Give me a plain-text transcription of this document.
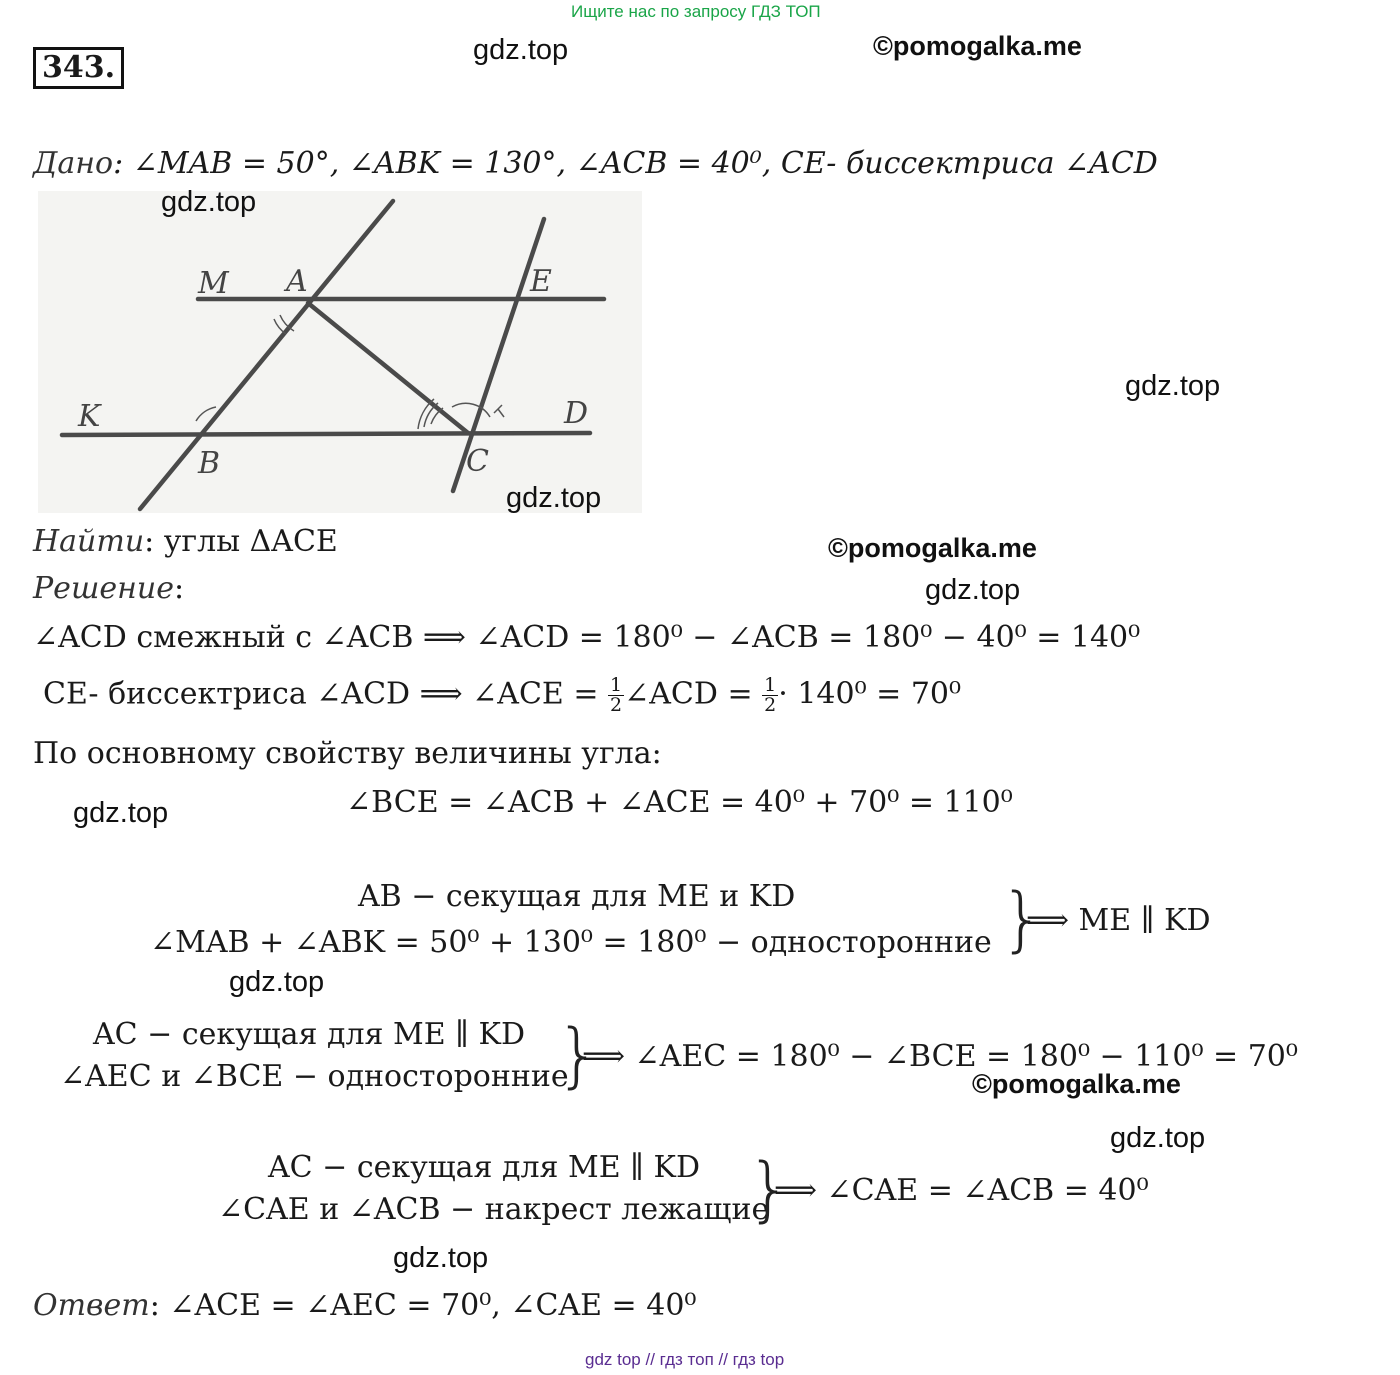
Ищите нас по запросу ГДЗ ТОП
343.	gdz.top	©pomogalka.me
Дано: ∠MAB = 50°, ∠ABK = 130°, ∠ACB = 40⁰, CE- биссектриса ∠ACD
M A	E
K	D
B	C
gdz.top
gdz.top
gdz.top
Найти: углы ΔACE	©pomogalka.me
Решение:	gdz.top
∠ACD смежный с ∠ACB ⟹ ∠ACD = 180⁰ − ∠ACB = 180⁰ − 40⁰ = 140⁰
CE- биссектриса ∠ACD ⟹ ∠ACE = $\frac{1}{2}$ ∠ACD = $\frac{1}{2} \cdot 140^0 = 70^0$
По основному свойству величины угла:
gdz.top	∠BCE = ∠ACB + ∠ACE = 40⁰ + 70⁰ = 110⁰
AB − секущая для ME и KD
∠MAB + ∠ABK = 50⁰ + 130⁰ = 180⁰ − односторонние }
⟹ ME ∥ KD
gdz.top
AC − секущая для ME ∥ KD
∠AEC и ∠BCE − односторонние
}
⟹ ∠AEC = 180⁰ − ∠BCE = 180⁰ − 110⁰ = 70⁰
©pomogalka.me
gdz.top
AC − секущая для ME ∥ KD
∠CAE и ∠ACB − накрест лежащие
}
⟹ ∠CAE = ∠ACB = 40⁰
gdz.top
Ответ: ∠ACE = ∠AEC = 70⁰, ∠CAE = 40⁰
gdz top // гдз топ // гдз top
